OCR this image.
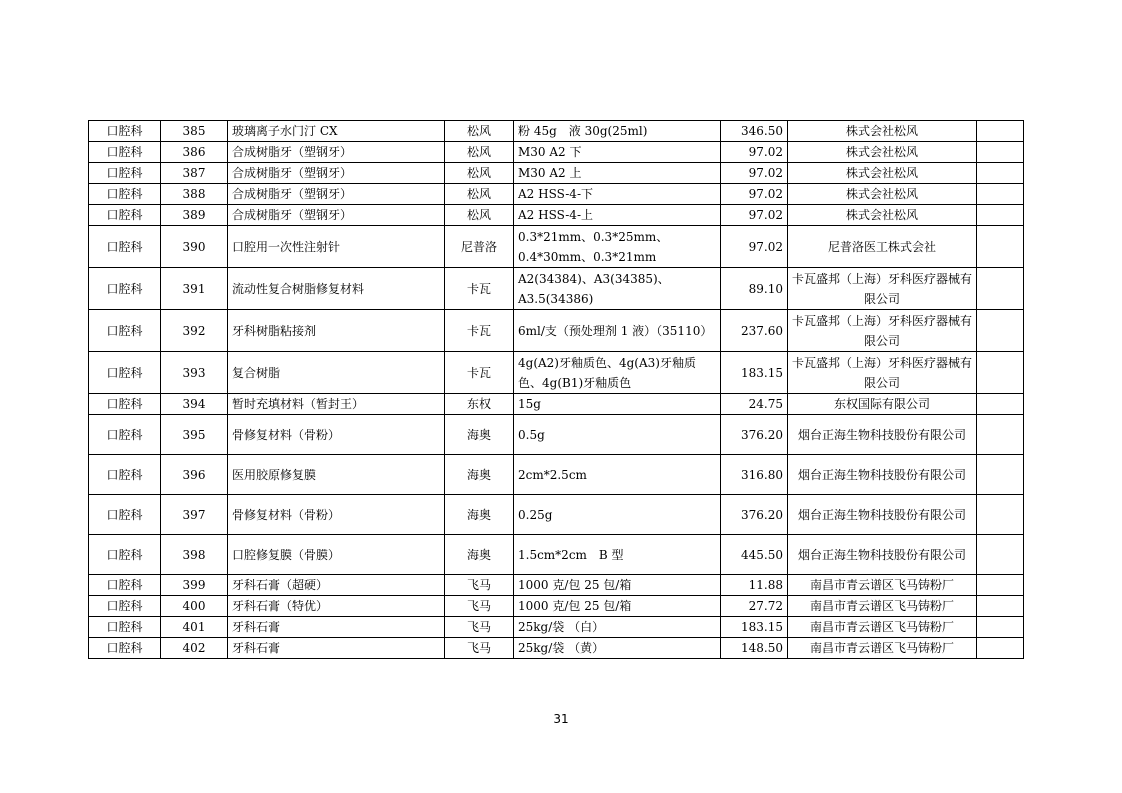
口腔科	385	玻璃离子水门汀 CX	松风	粉 45g　液 30g(25ml)	346.50	株式会社松风	
口腔科	386	合成树脂牙（塑钢牙）	松风	M30 A2 下	97.02	株式会社松风	
口腔科	387	合成树脂牙（塑钢牙）	松风	M30 A2 上	97.02	株式会社松风	
口腔科	388	合成树脂牙（塑钢牙）	松风	A2 HSS-4-下	97.02	株式会社松风	
口腔科	389	合成树脂牙（塑钢牙）	松风	A2 HSS-4-上	97.02	株式会社松风	
口腔科	390	口腔用一次性注射针	尼普洛	0.3*21mm、0.3*25mm、0.4*30mm、0.3*21mm	97.02	尼普洛医工株式会社	
口腔科	391	流动性复合树脂修复材料	卡瓦	A2(34384)、A3(34385)、A3.5(34386)	89.10	卡瓦盛邦（上海）牙科医疗器械有限公司	
口腔科	392	牙科树脂粘接剂	卡瓦	6ml/支（预处理剂 1 液）（35110）	237.60	卡瓦盛邦（上海）牙科医疗器械有限公司	
口腔科	393	复合树脂	卡瓦	4g(A2)牙釉质色、4g(A3)牙釉质色、4g(B1)牙釉质色	183.15	卡瓦盛邦（上海）牙科医疗器械有限公司	
口腔科	394	暂时充填材料（暂封王）	东权	15g	24.75	东权国际有限公司	
口腔科	395	骨修复材料（骨粉）	海奥	0.5g	376.20	烟台正海生物科技股份有限公司	
口腔科	396	医用胶原修复膜	海奥	2cm*2.5cm	316.80	烟台正海生物科技股份有限公司	
口腔科	397	骨修复材料（骨粉）	海奥	0.25g	376.20	烟台正海生物科技股份有限公司	
口腔科	398	口腔修复膜（骨膜）	海奥	1.5cm*2cm　B 型	445.50	烟台正海生物科技股份有限公司	
口腔科	399	牙科石膏（超硬）	飞马	1000 克/包 25 包/箱	11.88	南昌市青云谱区飞马铸粉厂	
口腔科	400	牙科石膏（特优）	飞马	1000 克/包 25 包/箱	27.72	南昌市青云谱区飞马铸粉厂	
口腔科	401	牙科石膏	飞马	25kg/袋 （白）	183.15	南昌市青云谱区飞马铸粉厂	
口腔科	402	牙科石膏	飞马	25kg/袋 （黄）	148.50	南昌市青云谱区飞马铸粉厂	
31
